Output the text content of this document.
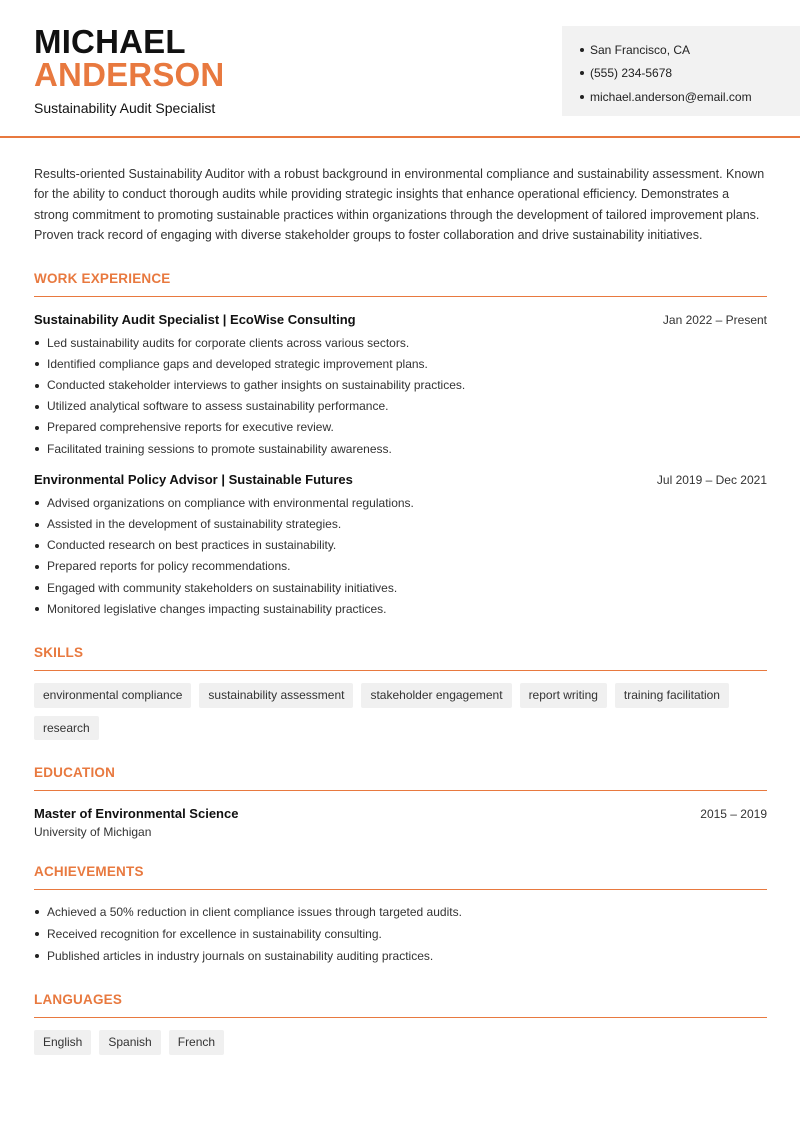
MICHAEL
ANDERSON
Sustainability Audit Specialist
San Francisco, CA
(555) 234-5678
michael.anderson@email.com

Results-oriented Sustainability Auditor with a robust background in environmental compliance and sustainability assessment. Known for the ability to conduct thorough audits while providing strategic insights that enhance operational efficiency. Demonstrates a strong commitment to promoting sustainable practices within organizations through the development of tailored improvement plans. Proven track record of engaging with diverse stakeholder groups to foster collaboration and drive sustainability initiatives.

WORK EXPERIENCE
Sustainability Audit Specialist | EcoWise Consulting	Jan 2022 – Present
Led sustainability audits for corporate clients across various sectors.
Identified compliance gaps and developed strategic improvement plans.
Conducted stakeholder interviews to gather insights on sustainability practices.
Utilized analytical software to assess sustainability performance.
Prepared comprehensive reports for executive review.
Facilitated training sessions to promote sustainability awareness.
Environmental Policy Advisor | Sustainable Futures	Jul 2019 – Dec 2021
Advised organizations on compliance with environmental regulations.
Assisted in the development of sustainability strategies.
Conducted research on best practices in sustainability.
Prepared reports for policy recommendations.
Engaged with community stakeholders on sustainability initiatives.
Monitored legislative changes impacting sustainability practices.
SKILLS
environmental compliance	sustainability assessment	stakeholder engagement	report writing	training facilitation
research
EDUCATION
Master of Environmental Science	2015 – 2019
University of Michigan
ACHIEVEMENTS
Achieved a 50% reduction in client compliance issues through targeted audits.
Received recognition for excellence in sustainability consulting.
Published articles in industry journals on sustainability auditing practices.
LANGUAGES
English	Spanish	French
